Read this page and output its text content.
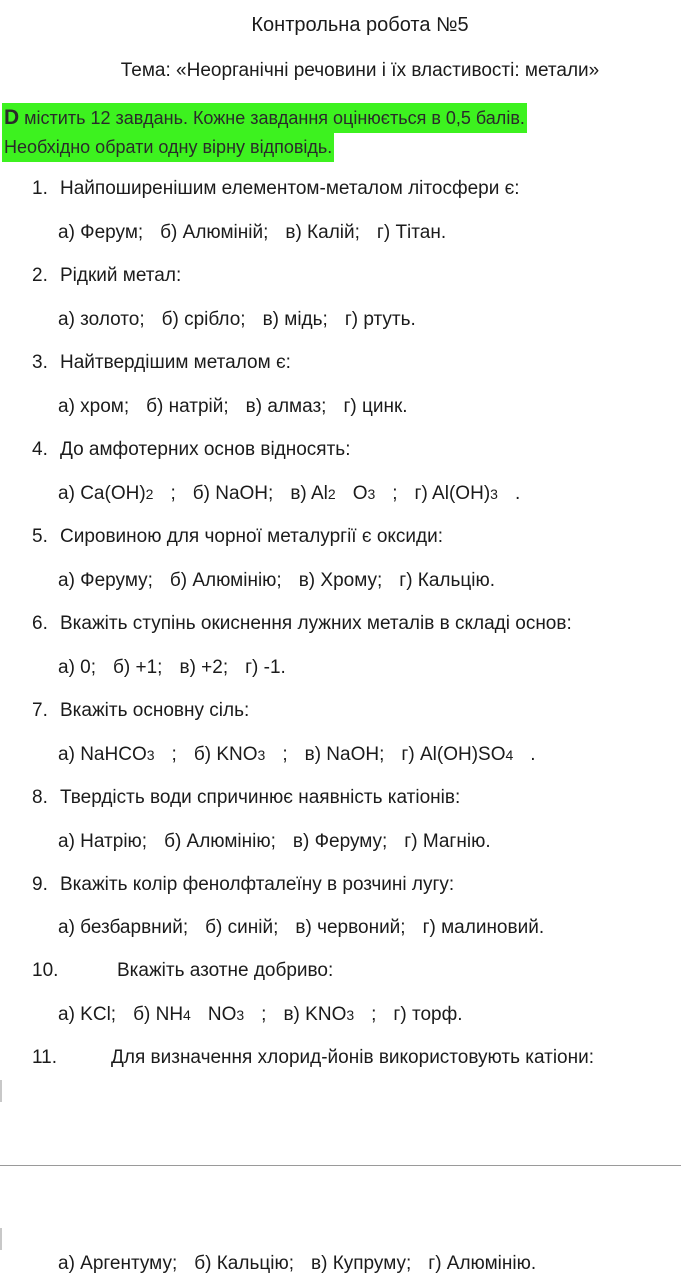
Контрольна робота №5
Тема: «Неорганічні речовини і їх властивості: метали»
D містить 12 завдань. Кожне завдання оцінюється в 0,5 балів.
Необхідно обрати одну вірну відповідь.
1. Найпоширенішим елементом-металом літосфери є:
а) Ферум; б) Алюміній; в) Калій; г) Тітан.
2. Рідкий метал:
а) золото; б) срібло; в) мідь; г) ртуть.
3. Найтвердішим металом є:
а) хром; б) натрій; в) алмаз; г) цинк.
4. До амфотерних основ відносять:
а) Ca(OH)2 ; б) NaOH; в) Al2 O3 ; г) Al(OH)3 .
5. Сировиною для чорної металургії є оксиди:
а) Феруму; б) Алюмінію; в) Хрому; г) Кальцію.
6. Вкажіть ступінь окиснення лужних металів в складі основ:
а) 0; б) +1; в) +2; г) -1.
7. Вкажіть основну сіль:
а) NaHCO3 ; б) KNO3 ; в) NaOH; г) Al(OH)SO4 .
8. Твердість води спричинює наявність катіонів:
а) Натрію; б) Алюмінію; в) Феруму; г) Магнію.
9. Вкажіть колір фенолфталеїну в розчині лугу:
а) безбарвний; б) синій; в) червоний; г) малиновий.
10.	Вкажіть азотне добриво:
а) KCl; б) NH4 NO3 ; в) KNO3 ; г) торф.
11.	Для визначення хлорид-йонів використовують катіони:
а) Аргентуму; б) Кальцію; в) Купруму; г) Алюмінію.
